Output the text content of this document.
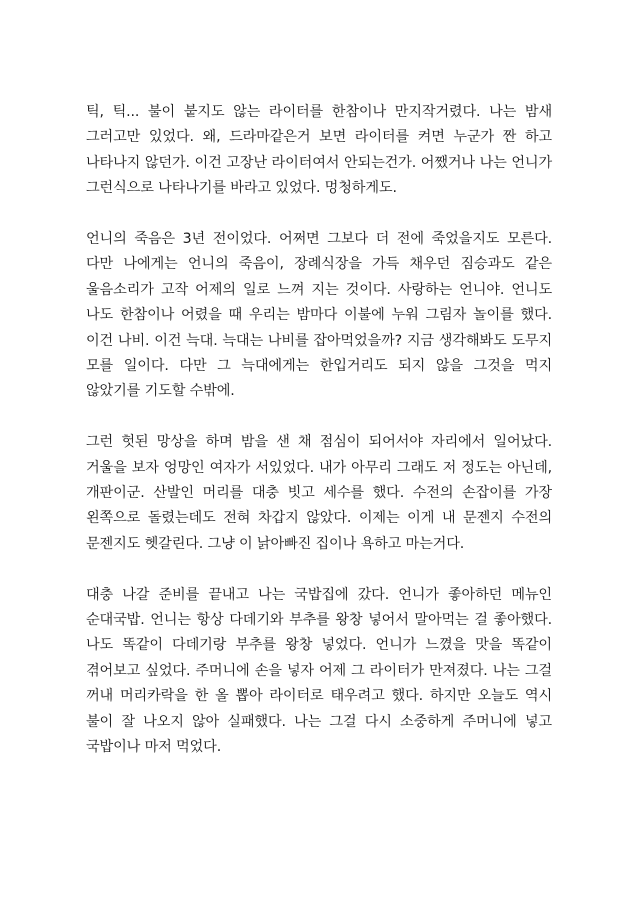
틱, 틱... 불이 붙지도 않는 라이터를 한참이나 만지작거렸다. 나는 밤새 그러고만 있었다. 왜, 드라마같은거 보면 라이터를 켜면 누군가 짠 하고 나타나지 않던가. 이건 고장난 라이터여서 안되는건가. 어쨌거나 나는 언니가 그런식으로 나타나기를 바라고 있었다. 멍청하게도.

언니의 죽음은 3년 전이었다. 어쩌면 그보다 더 전에 죽었을지도 모른다. 다만 나에게는 언니의 죽음이, 장례식장을 가득 채우던 짐승과도 같은 울음소리가 고작 어제의 일로 느껴 지는 것이다. 사랑하는 언니야. 언니도 나도 한참이나 어렸을 때 우리는 밤마다 이불에 누워 그림자 놀이를 했다. 이건 나비. 이건 늑대. 늑대는 나비를 잡아먹었을까? 지금 생각해봐도 도무지 모를 일이다. 다만 그 늑대에게는 한입거리도 되지 않을 그것을 먹지 않았기를 기도할 수밖에.

그런 헛된 망상을 하며 밤을 샌 채 점심이 되어서야 자리에서 일어났다. 거울을 보자 엉망인 여자가 서있었다. 내가 아무리 그래도 저 정도는 아닌데, 개판이군. 산발인 머리를 대충 빗고 세수를 했다. 수전의 손잡이를 가장 왼쪽으로 돌렸는데도 전혀 차갑지 않았다. 이제는 이게 내 문젠지 수전의 문젠지도 헷갈린다. 그냥 이 낡아빠진 집이나 욕하고 마는거다.

대충 나갈 준비를 끝내고 나는 국밥집에 갔다. 언니가 좋아하던 메뉴인 순대국밥. 언니는 항상 다데기와 부추를 왕창 넣어서 말아먹는 걸 좋아했다. 나도 똑같이 다데기랑 부추를 왕창 넣었다. 언니가 느꼈을 맛을 똑같이 겪어보고 싶었다. 주머니에 손을 넣자 어제 그 라이터가 만져졌다. 나는 그걸 꺼내 머리카락을 한 올 뽑아 라이터로 태우려고 했다. 하지만 오늘도 역시 불이 잘 나오지 않아 실패했다. 나는 그걸 다시 소중하게 주머니에 넣고 국밥이나 마저 먹었다.
